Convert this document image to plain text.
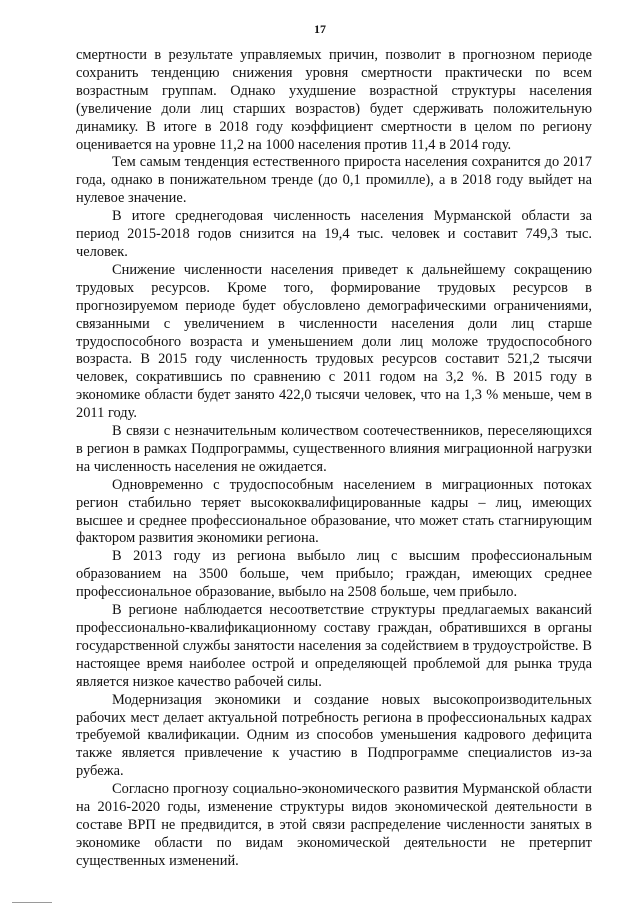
17

смертности в результате управляемых причин, позволит в прогнозном периоде сохранить тенденцию снижения уровня смертности практически по всем возрастным группам. Однако ухудшение возрастной структуры населения (увеличение доли лиц старших возрастов) будет сдерживать положительную динамику. В итоге в 2018 году коэффициент смертности в целом по региону оценивается на уровне 11,2 на 1000 населения против 11,4 в 2014 году.

Тем самым тенденция естественного прироста населения сохранится до 2017 года, однако в понижательном тренде (до 0,1 промилле), а в 2018 году выйдет на нулевое значение.

В итоге среднегодовая численность населения Мурманской области за период 2015-2018 годов снизится на 19,4 тыс. человек и составит 749,3 тыс. человек.

Снижение численности населения приведет к дальнейшему сокращению трудовых ресурсов. Кроме того, формирование трудовых ресурсов в прогнозируемом периоде будет обусловлено демографическими ограничениями, связанными с увеличением в численности населения доли лиц старше трудоспособного возраста и уменьшением доли лиц моложе трудоспособного возраста. В 2015 году численность трудовых ресурсов составит 521,2 тысячи человек, сократившись по сравнению с 2011 годом на 3,2 %. В 2015 году в экономике области будет занято 422,0 тысячи человек, что на 1,3 % меньше, чем в 2011 году.

В связи с незначительным количеством соотечественников, переселяющихся в регион в рамках Подпрограммы, существенного влияния миграционной нагрузки на численность населения не ожидается.

Одновременно с трудоспособным населением в миграционных потоках регион стабильно теряет высококвалифицированные кадры – лиц, имеющих высшее и среднее профессиональное образование, что может стать стагнирующим фактором развития экономики региона.

В 2013 году из региона выбыло лиц с высшим профессиональным образованием на 3500 больше, чем прибыло; граждан, имеющих среднее профессиональное образование, выбыло на 2508 больше, чем прибыло.

В регионе наблюдается несоответствие структуры предлагаемых вакансий профессионально-квалификационному составу граждан, обратившихся в органы государственной службы занятости населения за содействием в трудоустройстве. В настоящее время наиболее острой и определяющей проблемой для рынка труда является низкое качество рабочей силы.

Модернизация экономики и создание новых высокопроизводительных рабочих мест делает актуальной потребность региона в профессиональных кадрах требуемой квалификации. Одним из способов уменьшения кадрового дефицита также является привлечение к участию в Подпрограмме специалистов из-за рубежа.

Согласно прогнозу социально-экономического развития Мурманской области на 2016-2020 годы, изменение структуры видов экономической деятельности в составе ВРП не предвидится, в этой связи распределение численности занятых в экономике области по видам экономической деятельности не претерпит существенных изменений.
